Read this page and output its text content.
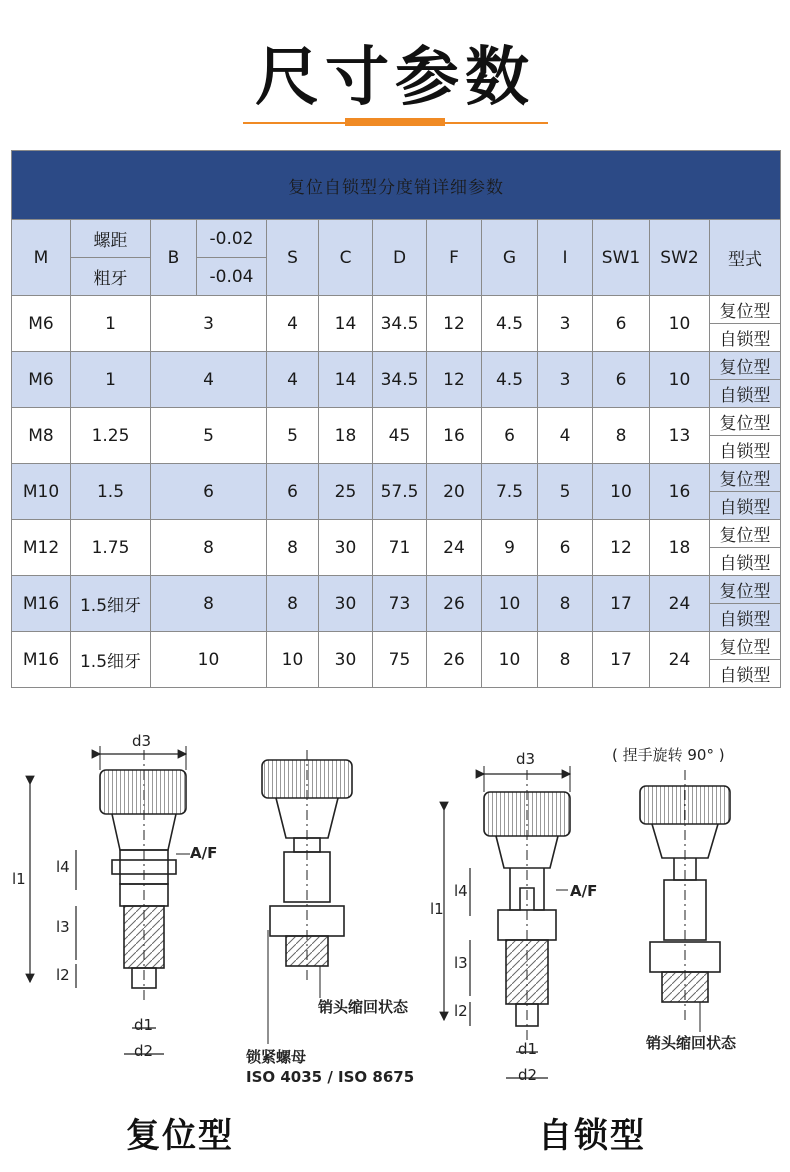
尺寸参数
复位自锁型分度销详细参数												
M	螺距	B	-0.02	S	C	D	F	G	I	SW1	SW2	型式
	粗牙		-0.04									
M6	1	3		4	14	34.5	12	4.5	3	6	10	复位型
												自锁型
M6	1	4		4	14	34.5	12	4.5	3	6	10	复位型
												自锁型
M8	1.25	5		5	18	45	16	6	4	8	13	复位型
												自锁型
M10	1.5	6		6	25	57.5	20	7.5	5	10	16	复位型
												自锁型
M12	1.75	8		8	30	71	24	9	6	12	18	复位型
												自锁型
M16	1.5细牙	8		8	30	73	26	10	8	17	24	复位型
												自锁型
M16	1.5细牙	10		10	30	75	26	10	8	17	24	复位型
												自锁型
d3
A/F
l1
l4
l3
l2
d1
d2
销头缩回状态
锁紧螺母
ISO 4035 / ISO 8675
d3
A/F
l1
l4
l3
l2
d1
d2
( 捏手旋转 90° )
销头缩回状态
复位型	自锁型
